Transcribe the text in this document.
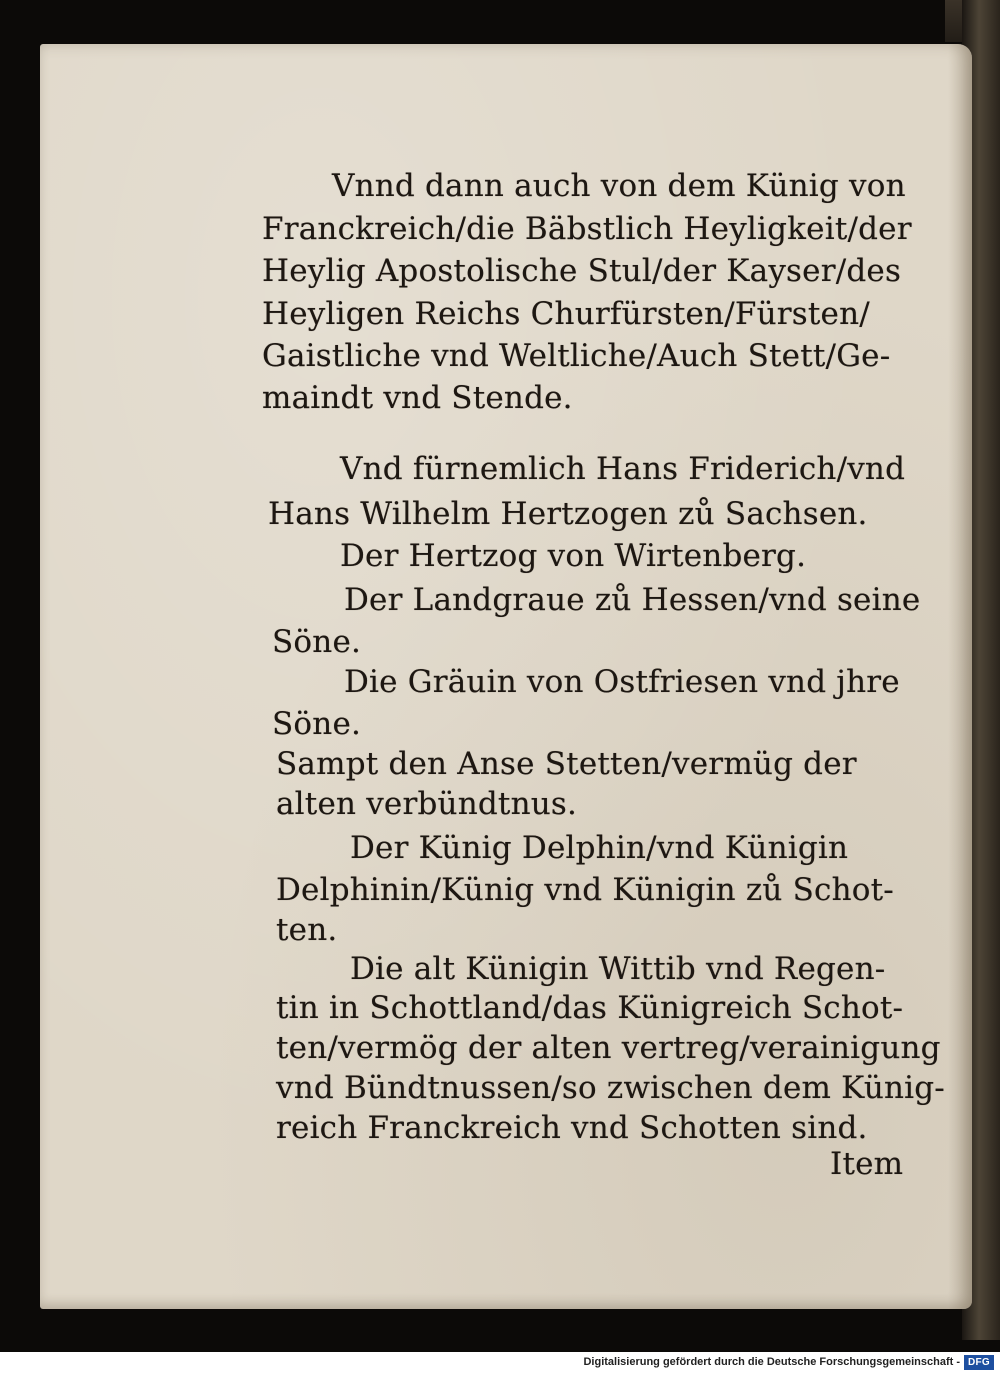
Vnnd dann auch von dem Künig von

Franckreich/die Bäbstlich Heyligkeit/der

Heylig Apostolische Stul/der Kayser/des

Heyligen Reichs Churfürsten/Fürsten/

Gaistliche vnd Weltliche/Auch Stett/Ge-

maindt vnd Stende.

Vnd fürnemlich Hans Friderich/vnd

Hans Wilhelm Hertzogen zů Sachsen.

Der Hertzog von Wirtenberg.

Der Landgraue zů Hessen/vnd seine

Söne.

Die Gräuin von Ostfriesen vnd jhre

Söne.

Sampt den Anse Stetten/vermüg der

alten verbündtnus.

Der Künig Delphin/vnd Künigin

Delphinin/Künig vnd Künigin zů Schot-

ten.

Die alt Künigin Wittib vnd Regen-

tin in Schottland/das Künigreich Schot-

ten/vermög der alten vertreg/verainigung

vnd Bündtnussen/so zwischen dem Künig-

reich Franckreich vnd Schotten sind.

Item

Digitalisierung gefördert durch die Deutsche Forschungsgemeinschaft - DFG
